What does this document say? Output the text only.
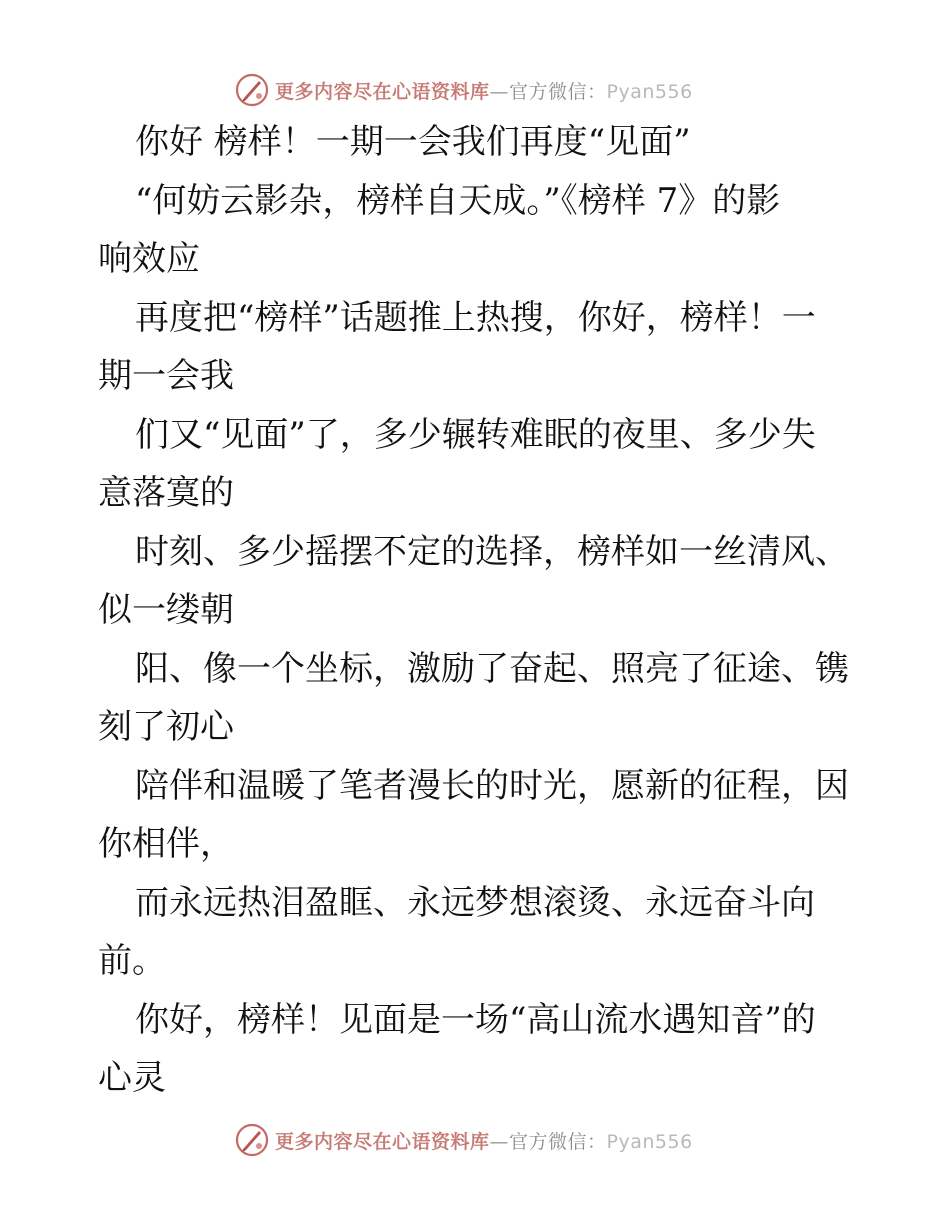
更多内容尽在心语资料库—官方微信：Pyan556
你好 榜样！一期一会我们再度“见面”
“何妨云影杂，榜样自天成。”《榜样 7》的影
响效应
再度把“榜样”话题推上热搜，你好，榜样！一
期一会我
们又“见面”了，多少辗转难眠的夜里、多少失
意落寞的
时刻、多少摇摆不定的选择，榜样如一丝清风、
似一缕朝
阳、像一个坐标，激励了奋起、照亮了征途、镌
刻了初心
陪伴和温暖了笔者漫长的时光，愿新的征程，因
你相伴，
而永远热泪盈眶、永远梦想滚烫、永远奋斗向
前。
你好，榜样！见面是一场“高山流水遇知音”的
心灵
更多内容尽在心语资料库—官方微信：Pyan556
